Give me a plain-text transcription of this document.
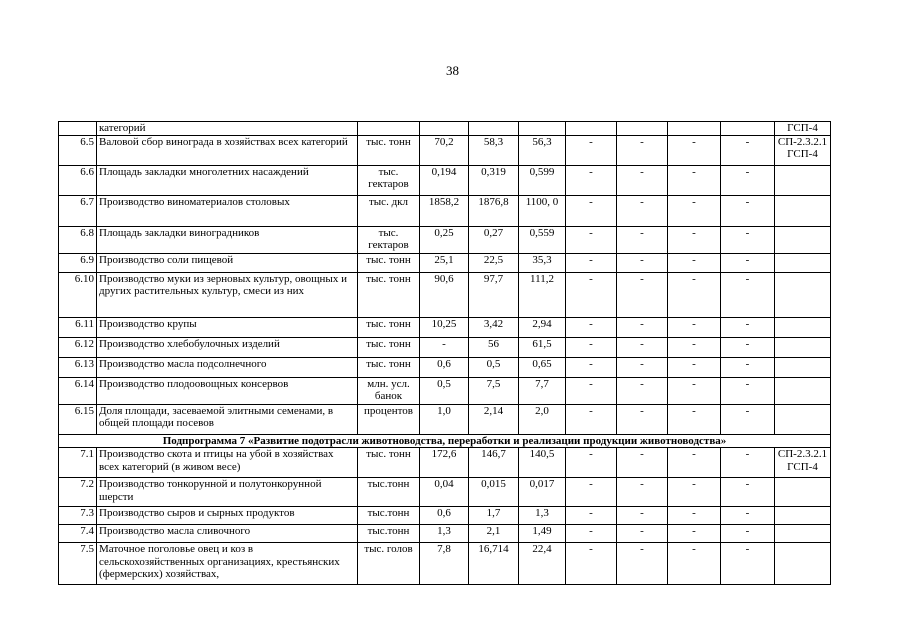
38
	категорий									ГСП-4
6.5	Валовой сбор винограда в хозяйствах всех категорий	тыс. тонн	70,2	58,3	56,3	-	-	-	-	СП-2.3.2.1 ГСП-4
6.6	Площадь закладки многолетних насаждений	тыс. гектаров	0,194	0,319	0,599	-	-	-	-	
6.7	Производство виноматериалов столовых	тыс. дкл	1858,2	1876,8	1100, 0	-	-	-	-	
6.8	Площадь закладки виноградников	тыс. гектаров	0,25	0,27	0,559	-	-	-	-	
6.9	Производство соли пищевой	тыс. тонн	25,1	22,5	35,3	-	-	-	-	
6.10	Производство муки из зерновых культур, овощных и других растительных культур, смеси из них	тыс. тонн	90,6	97,7	111,2	-	-	-	-	
6.11	Производство крупы	тыс. тонн	10,25	3,42	2,94	-	-	-	-	
6.12	Производство хлебобулочных изделий	тыс. тонн	-	56	61,5	-	-	-	-	
6.13	Производство масла подсолнечного	тыс. тонн	0,6	0,5	0,65	-	-	-	-	
6.14	Производство плодоовощных консервов	млн. усл. банок	0,5	7,5	7,7	-	-	-	-	
6.15	Доля площади, засеваемой элитными семенами, в общей площади посевов	процентов	1,0	2,14	2,0	-	-	-	-	
Подпрограмма 7 «Развитие подотрасли животноводства, переработки и реализации продукции животноводства»										
7.1	Производство скота и птицы на убой в хозяйствах всех категорий (в живом весе)	тыс. тонн	172,6	146,7	140,5	-	-	-	-	СП-2.3.2.1 ГСП-4
7.2	Производство тонкорунной и полутонкорунной шерсти	тыс.тонн	0,04	0,015	0,017	-	-	-	-	
7.3	Производство сыров и сырных продуктов	тыс.тонн	0,6	1,7	1,3	-	-	-	-	
7.4	Производство масла сливочного	тыс.тонн	1,3	2,1	1,49	-	-	-	-	
7.5	Маточное поголовье овец и коз в сельскохозяйственных организациях, крестьянских (фермерских) хозяйствах,	тыс. голов	7,8	16,714	22,4	-	-	-	-	
